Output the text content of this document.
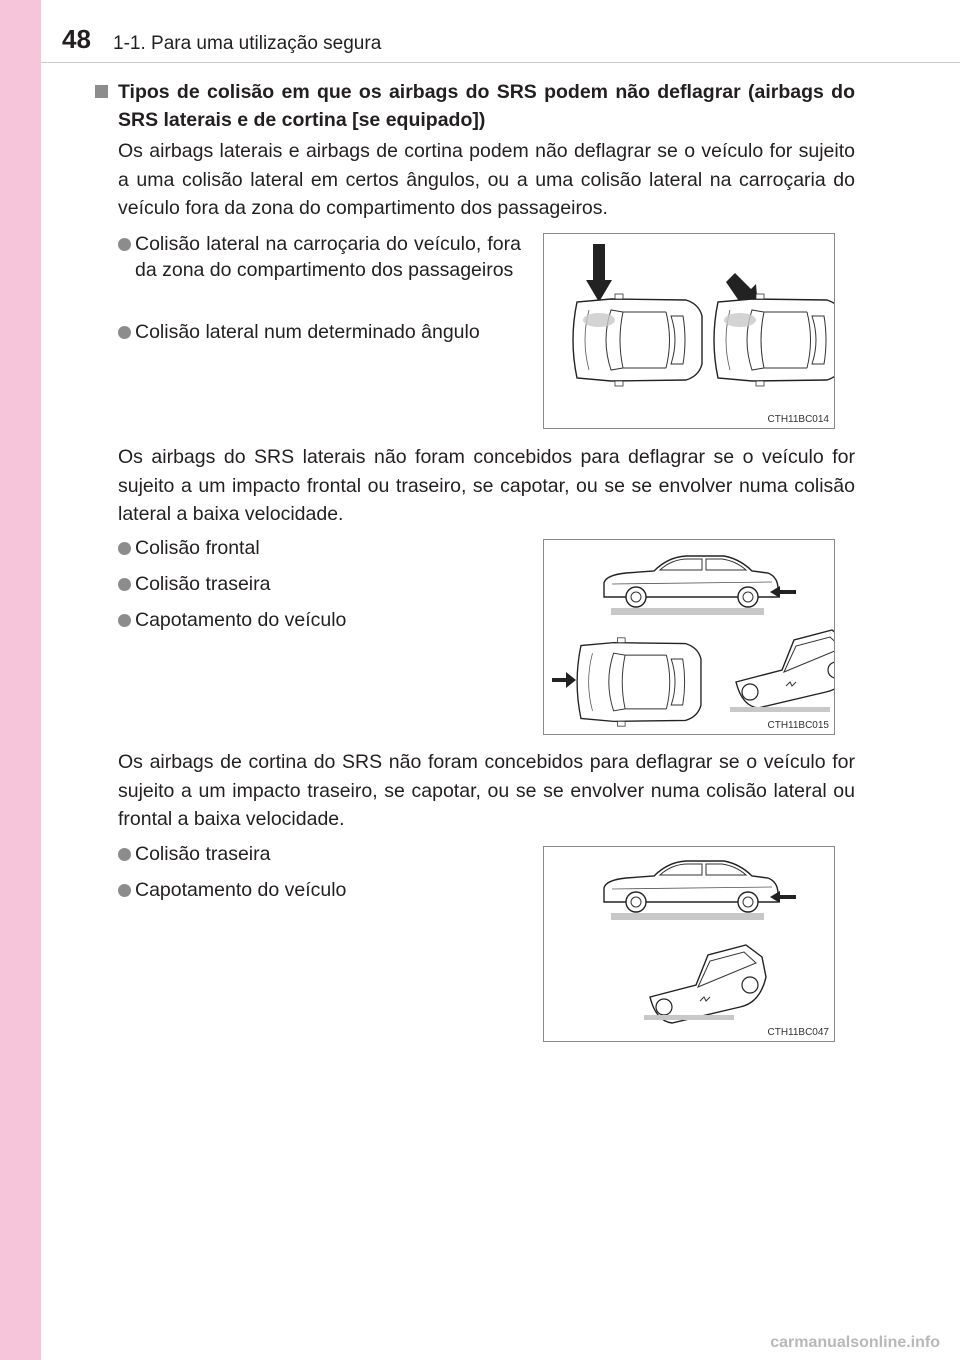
48 1-1. Para uma utilização segura
Tipos de colisão em que os airbags do SRS podem não deflagrar (airbags do SRS laterais e de cortina [se equipado])
Os airbags laterais e airbags de cortina podem não deflagrar se o veículo for sujeito a uma colisão lateral em certos ângulos, ou a uma colisão lateral na carroçaria do veículo fora da zona do compartimento dos passageiros.
Colisão lateral na carroçaria do veículo, fora da zona do compartimento dos passageiros
Colisão lateral num determinado ângulo
CTH11BC014
Os airbags do SRS laterais não foram concebidos para deflagrar se o veículo for sujeito a um impacto frontal ou traseiro, se capotar, ou se se envolver numa colisão lateral a baixa velocidade.
Colisão frontal
Colisão traseira
Capotamento do veículo
CTH11BC015
Os airbags de cortina do SRS não foram concebidos para deflagrar se o veículo for sujeito a um impacto traseiro, se capotar, ou se se envolver numa colisão lateral ou frontal a baixa velocidade.
Colisão traseira
Capotamento do veículo
CTH11BC047
carmanualsonline.info
